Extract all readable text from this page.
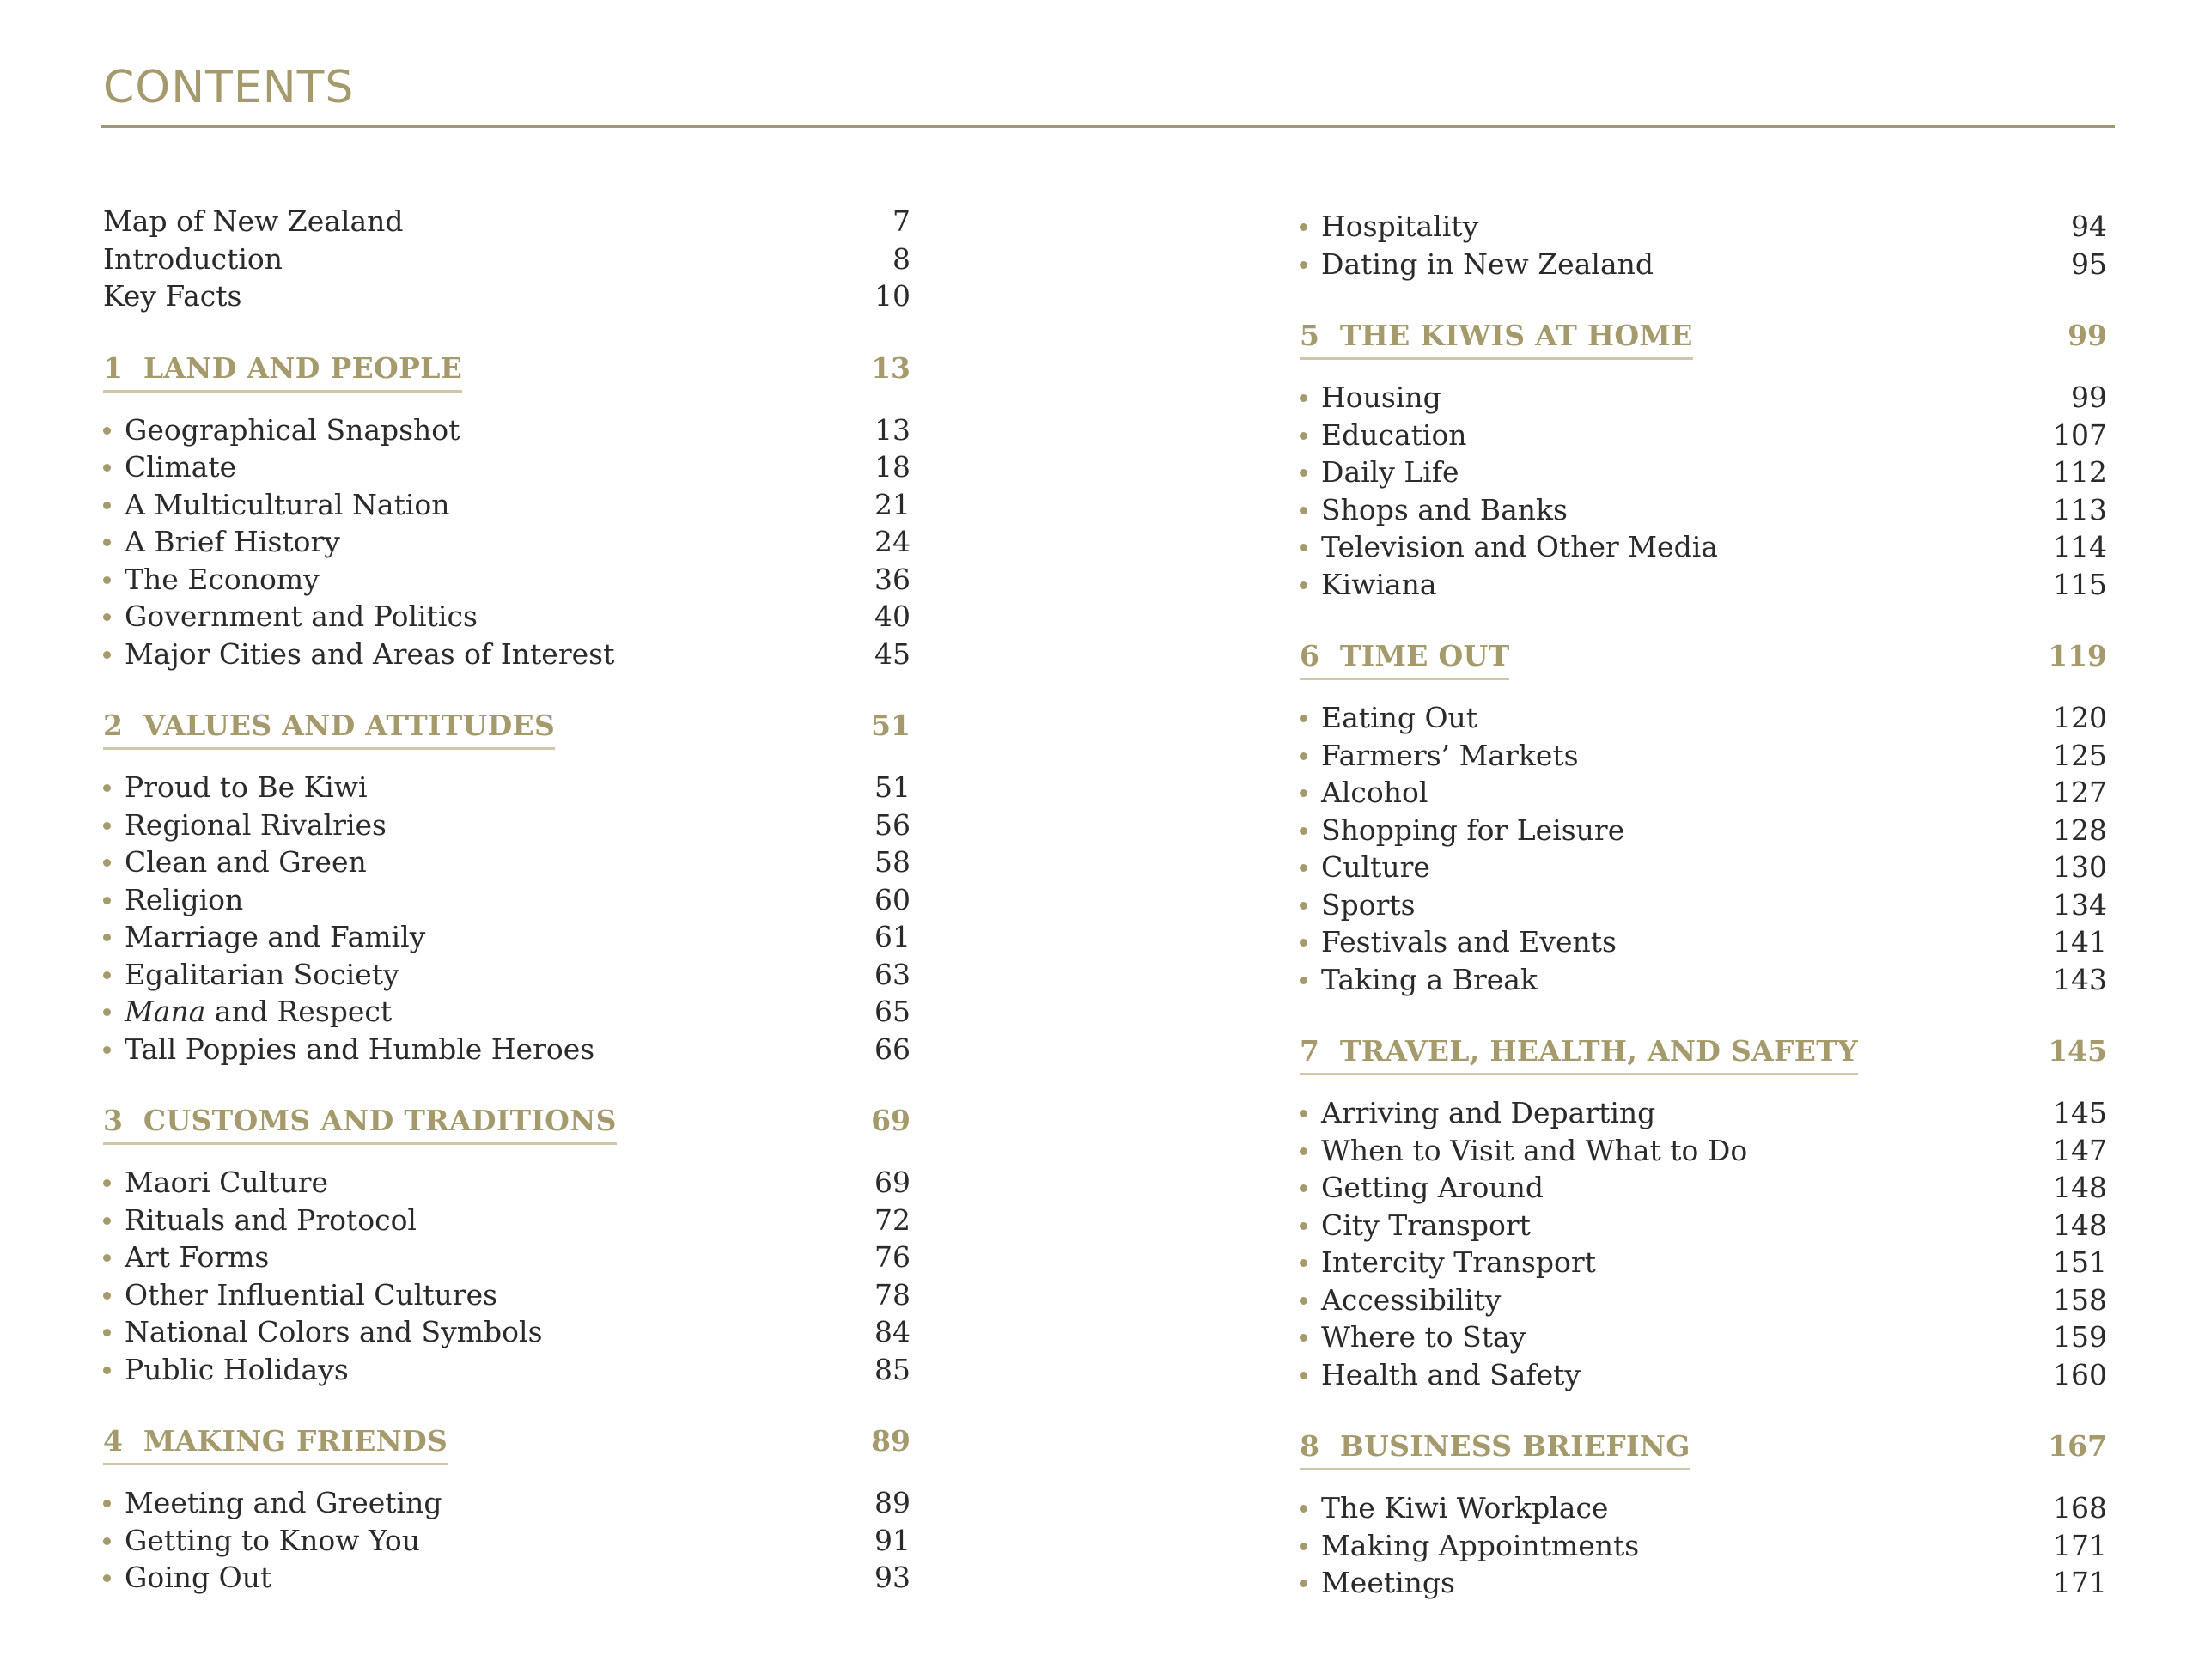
CONTENTS
Map of New Zealand	7
Introduction	8
Key Facts	10
1  LAND AND PEOPLE	13
Geographical Snapshot	13
Climate	18
A Multicultural Nation	21
A Brief History	24
The Economy	36
Government and Politics	40
Major Cities and Areas of Interest	45
2  VALUES AND ATTITUDES	51
Proud to Be Kiwi	51
Regional Rivalries	56
Clean and Green	58
Religion	60
Marriage and Family	61
Egalitarian Society	63
Mana and Respect	65
Tall Poppies and Humble Heroes	66
3  CUSTOMS AND TRADITIONS	69
Maori Culture	69
Rituals and Protocol	72
Art Forms	76
Other Influential Cultures	78
National Colors and Symbols	84
Public Holidays	85
4  MAKING FRIENDS	89
Meeting and Greeting	89
Getting to Know You	91
Going Out	93
Hospitality	94
Dating in New Zealand	95
5  THE KIWIS AT HOME	99
Housing	99
Education	107
Daily Life	112
Shops and Banks	113
Television and Other Media	114
Kiwiana	115
6  TIME OUT	119
Eating Out	120
Farmers’ Markets	125
Alcohol	127
Shopping for Leisure	128
Culture	130
Sports	134
Festivals and Events	141
Taking a Break	143
7  TRAVEL, HEALTH, AND SAFETY	145
Arriving and Departing	145
When to Visit and What to Do	147
Getting Around	148
City Transport	148
Intercity Transport	151
Accessibility	158
Where to Stay	159
Health and Safety	160
8  BUSINESS BRIEFING	167
The Kiwi Workplace	168
Making Appointments	171
Meetings	171
